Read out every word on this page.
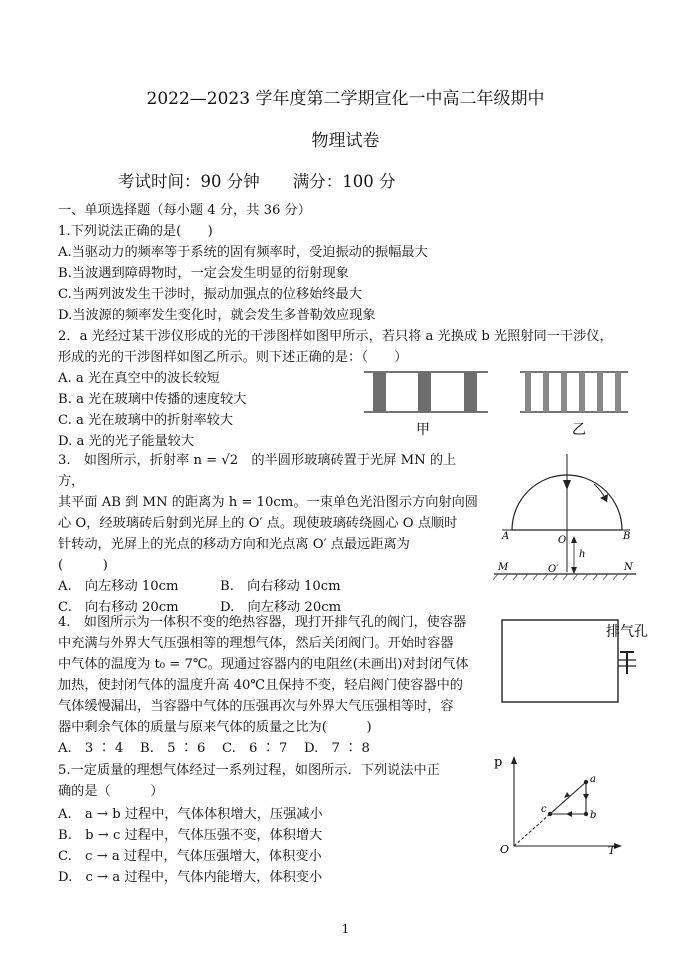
2022—2023 学年度第二学期宣化一中高二年级期中
物理试卷
考试时间：90 分钟　　满分：100 分
一、单项选择题（每小题 4 分，共 36 分）
1.下列说法正确的是(　　)
A.当驱动力的频率等于系统的固有频率时，受迫振动的振幅最大
B.当波遇到障碍物时，一定会发生明显的衍射现象
C.当两列波发生干涉时，振动加强点的位移始终最大
D.当波源的频率发生变化时，就会发生多普勒效应现象
2．a 光经过某干涉仪形成的光的干涉图样如图甲所示，若只将 a 光换成 b 光照射同一干涉仪，
形成的光的干涉图样如图乙所示。则下述正确的是：（　　）
A. a 光在真空中的波长较短
B. a 光在玻璃中传播的速度较大
C. a 光在玻璃中的折射率较大
D. a 光的光子能量较大
甲	乙
3.　如图所示，折射率 n = √2　的半圆形玻璃砖置于光屏 MN 的上
方，
其平面 AB 到 MN 的距离为 h = 10cm。一束单色光沿图示方向射向圆
心 O，经玻璃砖后射到光屏上的 O′ 点。现使玻璃砖绕圆心 O 点顺时
针转动，光屏上的光点的移动方向和光点离 O′ 点最远距离为
(　　　)
A.　向左移动 10cm	B.　向右移动 10cm
C.　向右移动 20cm	D.　向左移动 20cm
A	B
O
h
M	N
O′
4.　如图所示为一体积不变的绝热容器，现打开排气孔的阀门，使容器
中充满与外界大气压强相等的理想气体，然后关闭阀门。开始时容器
中气体的温度为 t₀ = 7℃。现通过容器内的电阻丝(未画出)对封闭气体
加热，使封闭气体的温度升高 40℃且保持不变，轻启阀门使容器中的
气体缓慢漏出，当容器中气体的压强再次与外界大气压强相等时，容
器中剩余气体的质量与原来气体的质量之比为(　　　)
A.　3 ∶ 4 B.　5 ∶ 6 C.　6 ∶ 7 D.　7 ∶ 8
排气孔
5.一定质量的理想气体经过一系列过程，如图所示．下列说法中正
确的是（　　　）
A.　a → b 过程中，气体体积增大，压强减小
B.　b → c 过程中，气体压强不变，体积增大
C.　c → a 过程中，气体压强增大，体积变小
D.　c → a 过程中，气体内能增大，体积变小
p
T
O
a
b
c
1
